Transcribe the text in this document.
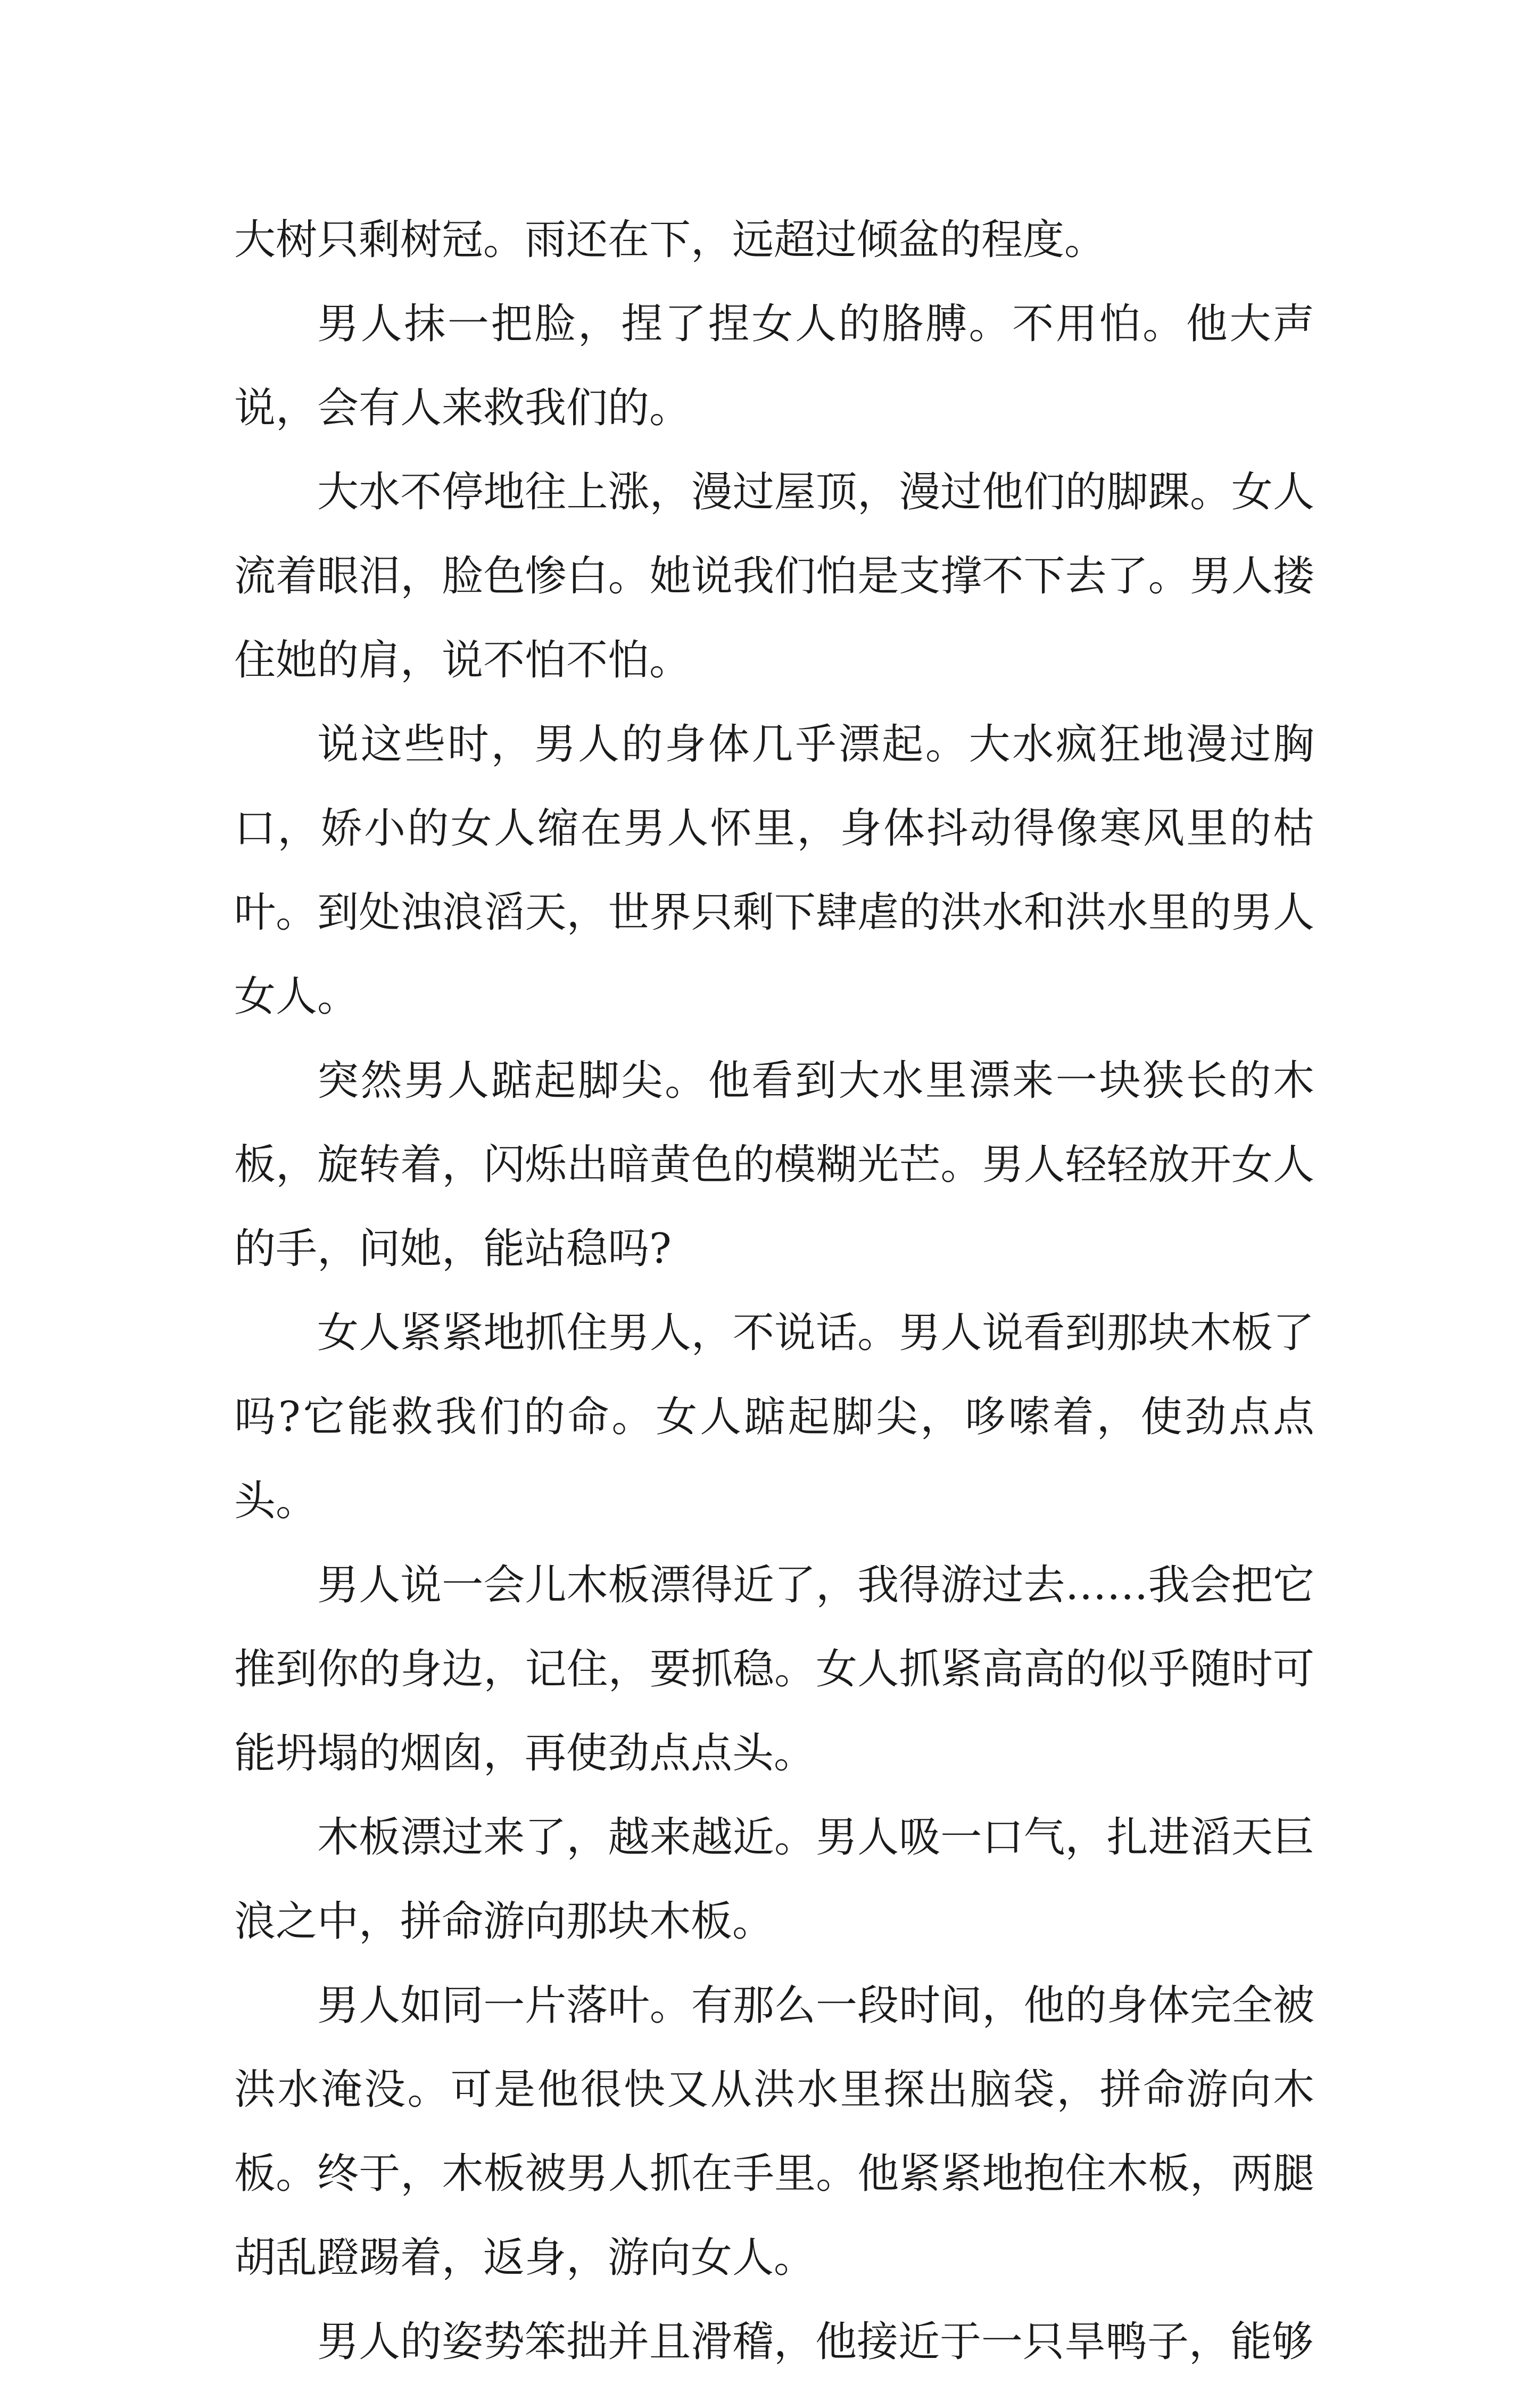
大树只剩树冠。雨还在下，远超过倾盆的程度。

男人抹一把脸，捏了捏女人的胳膊。不用怕。他大声说，会有人来救我们的。

大水不停地往上涨，漫过屋顶，漫过他们的脚踝。女人流着眼泪，脸色惨白。她说我们怕是支撑不下去了。男人搂住她的肩，说不怕不怕。

说这些时，男人的身体几乎漂起。大水疯狂地漫过胸口，娇小的女人缩在男人怀里，身体抖动得像寒风里的枯叶。到处浊浪滔天，世界只剩下肆虐的洪水和洪水里的男人女人。

突然男人踮起脚尖。他看到大水里漂来一块狭长的木板，旋转着，闪烁出暗黄色的模糊光芒。男人轻轻放开女人的手，问她，能站稳吗?

女人紧紧地抓住男人，不说话。男人说看到那块木板了吗?它能救我们的命。女人踮起脚尖，哆嗦着，使劲点点头。

男人说一会儿木板漂得近了，我得游过去……我会把它推到你的身边，记住，要抓稳。女人抓紧高高的似乎随时可能坍塌的烟囱，再使劲点点头。

木板漂过来了，越来越近。男人吸一口气，扎进滔天巨浪之中，拼命游向那块木板。

男人如同一片落叶。有那么一段时间，他的身体完全被洪水淹没。可是他很快又从洪水里探出脑袋，拼命游向木板。终于，木板被男人抓在手里。他紧紧地抱住木板，两腿胡乱蹬踢着，返身，游向女人。

男人的姿势笨拙并且滑稽，他接近于一只旱鸭子，能够
